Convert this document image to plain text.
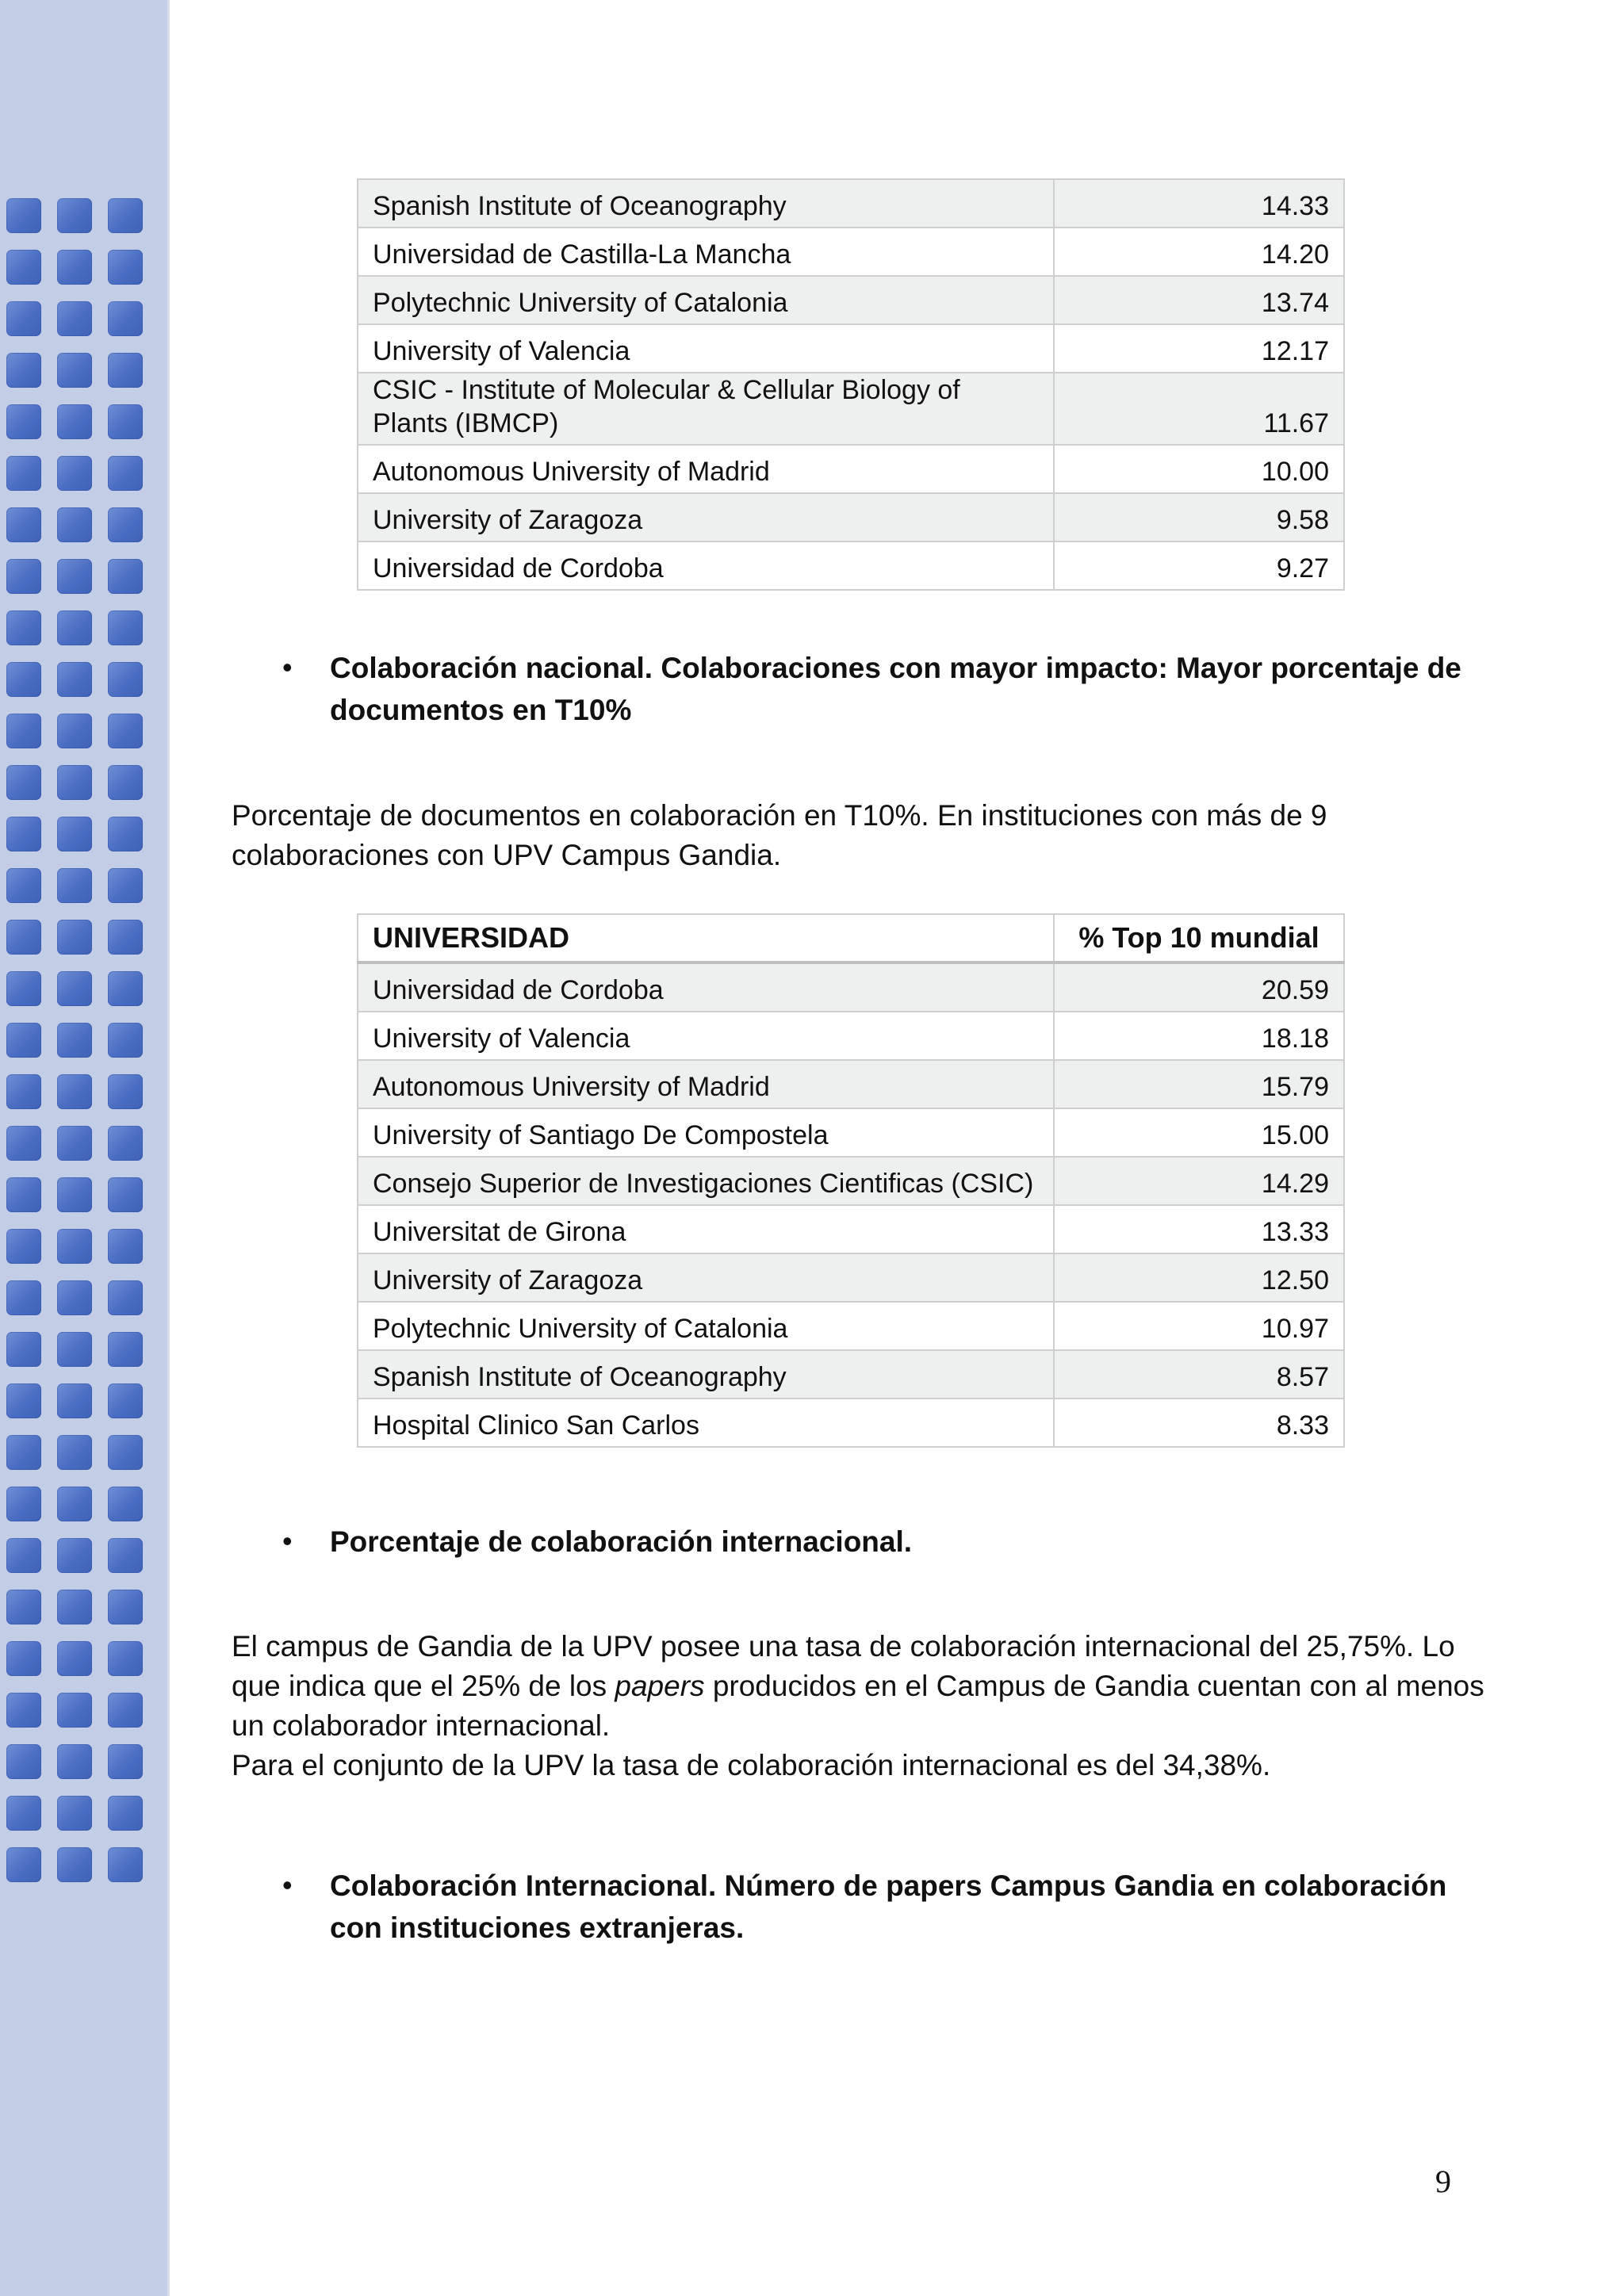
Spanish Institute of Oceanography	14.33
Universidad de Castilla-La Mancha	14.20
Polytechnic University of Catalonia	13.74
University of Valencia	12.17
CSIC - Institute of Molecular & Cellular Biology of Plants (IBMCP)	11.67
Autonomous University of Madrid	10.00
University of Zaragoza	9.58
Universidad de Cordoba	9.27
•	Colaboración nacional. Colaboraciones con mayor impacto: Mayor porcentaje de documentos en T10%

Porcentaje de documentos en colaboración en T10%. En instituciones con más de 9 colaboraciones con UPV Campus Gandia.

UNIVERSIDAD	% Top 10 mundial
Universidad de Cordoba	20.59
University of Valencia	18.18
Autonomous University of Madrid	15.79
University of Santiago De Compostela	15.00
Consejo Superior de Investigaciones Cientificas (CSIC)	14.29
Universitat de Girona	13.33
University of Zaragoza	12.50
Polytechnic University of Catalonia	10.97
Spanish Institute of Oceanography	8.57
Hospital Clinico San Carlos	8.33
•	Porcentaje de colaboración internacional.

El campus de Gandia de la UPV posee una tasa de colaboración internacional del 25,75%. Lo que indica que el 25% de los papers producidos en el Campus de Gandia cuentan con al menos un colaborador internacional.

Para el conjunto de la UPV la tasa de colaboración internacional es del 34,38%.

•	Colaboración Internacional. Número de papers Campus Gandia en colaboración con instituciones extranjeras.
9
